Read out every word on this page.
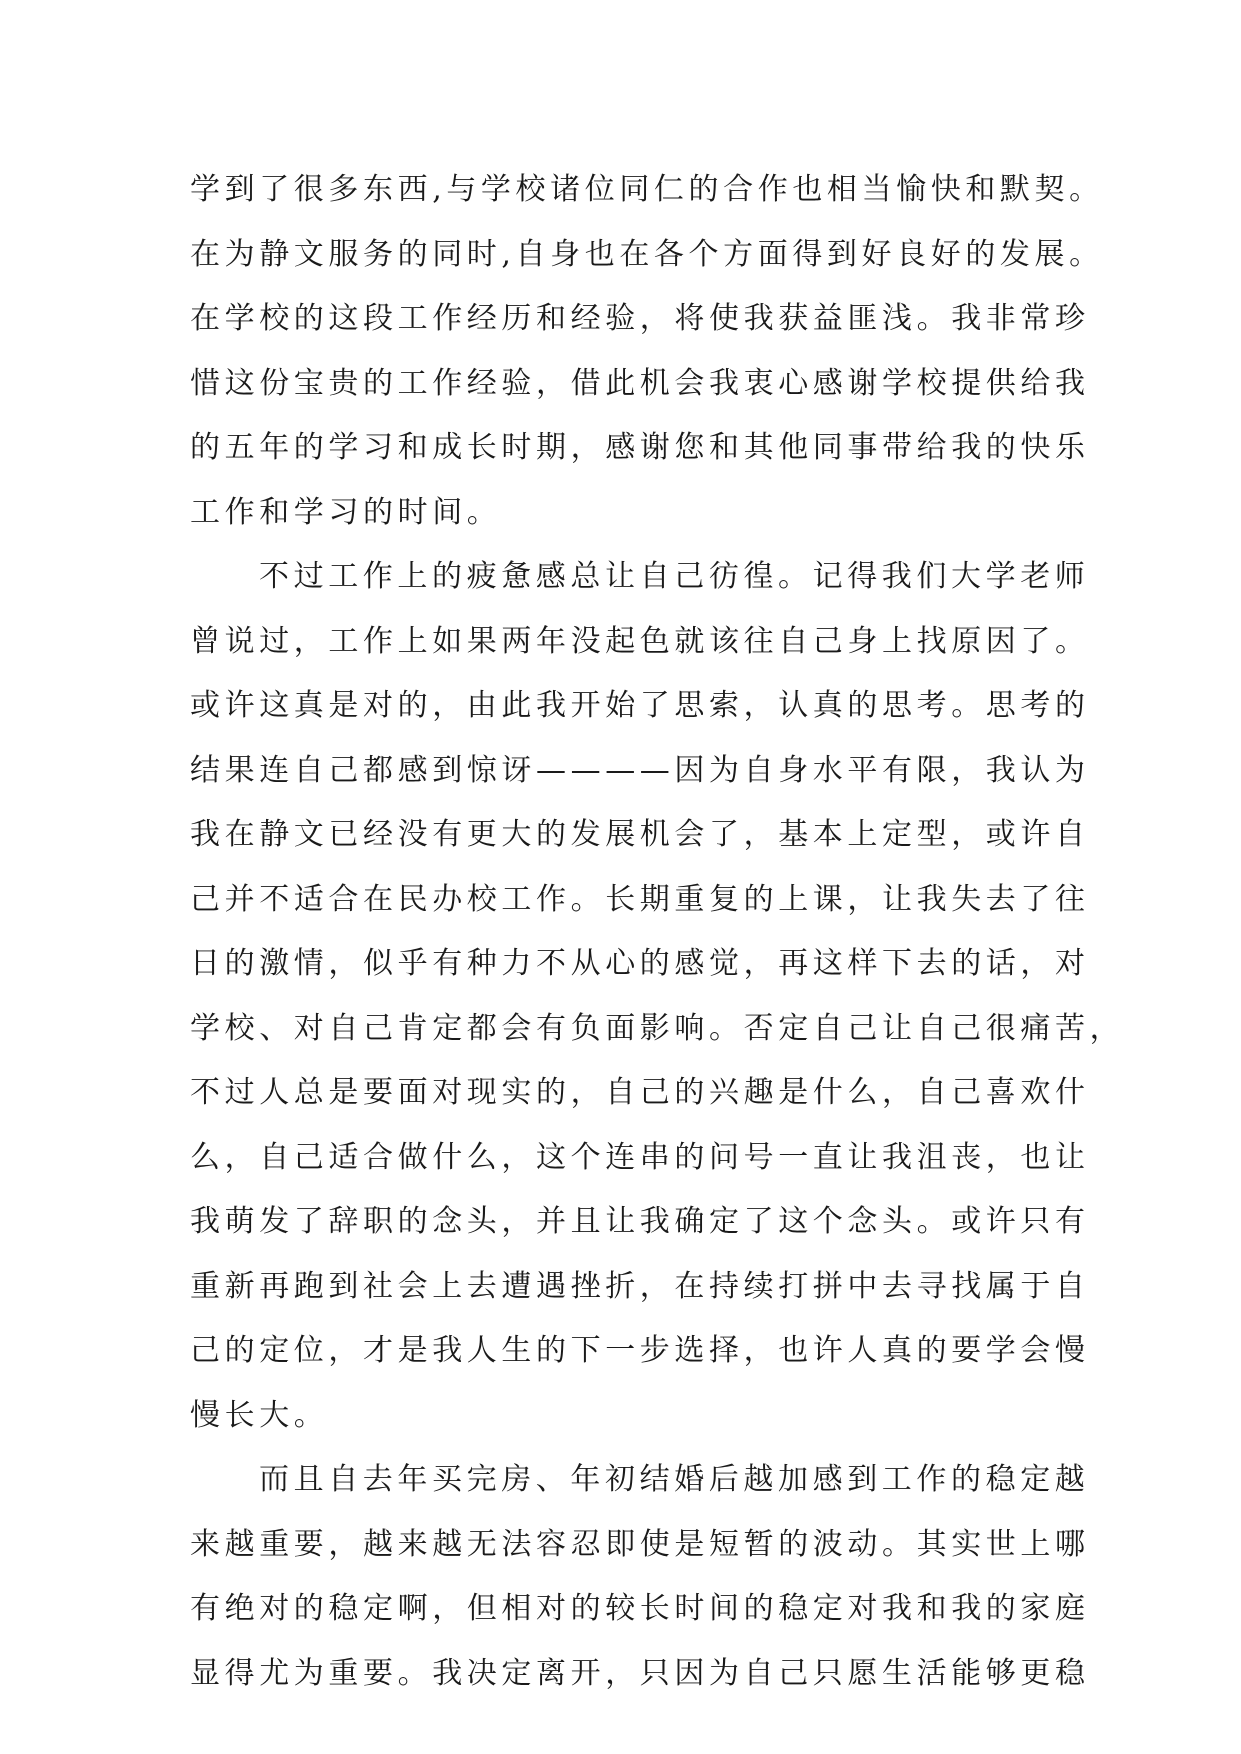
学到了很多东西,与学校诸位同仁的合作也相当愉快和默契。
在为静文服务的同时,自身也在各个方面得到好良好的发展。
在学校的这段工作经历和经验，将使我获益匪浅。我非常珍
惜这份宝贵的工作经验，借此机会我衷心感谢学校提供给我
的五年的学习和成长时期，感谢您和其他同事带给我的快乐
工作和学习的时间。
不过工作上的疲惫感总让自己彷徨。记得我们大学老师
曾说过，工作上如果两年没起色就该往自己身上找原因了。
或许这真是对的，由此我开始了思索，认真的思考。思考的
结果连自己都感到惊讶————因为自身水平有限，我认为
我在静文已经没有更大的发展机会了，基本上定型，或许自
己并不适合在民办校工作。长期重复的上课，让我失去了往
日的激情，似乎有种力不从心的感觉，再这样下去的话，对
学校、对自己肯定都会有负面影响。否定自己让自己很痛苦，
不过人总是要面对现实的，自己的兴趣是什么，自己喜欢什
么，自己适合做什么，这个连串的问号一直让我沮丧，也让
我萌发了辞职的念头，并且让我确定了这个念头。或许只有
重新再跑到社会上去遭遇挫折，在持续打拼中去寻找属于自
己的定位，才是我人生的下一步选择，也许人真的要学会慢
慢长大。
而且自去年买完房、年初结婚后越加感到工作的稳定越
来越重要，越来越无法容忍即使是短暂的波动。其实世上哪
有绝对的稳定啊，但相对的较长时间的稳定对我和我的家庭
显得尤为重要。我决定离开，只因为自己只愿生活能够更稳
